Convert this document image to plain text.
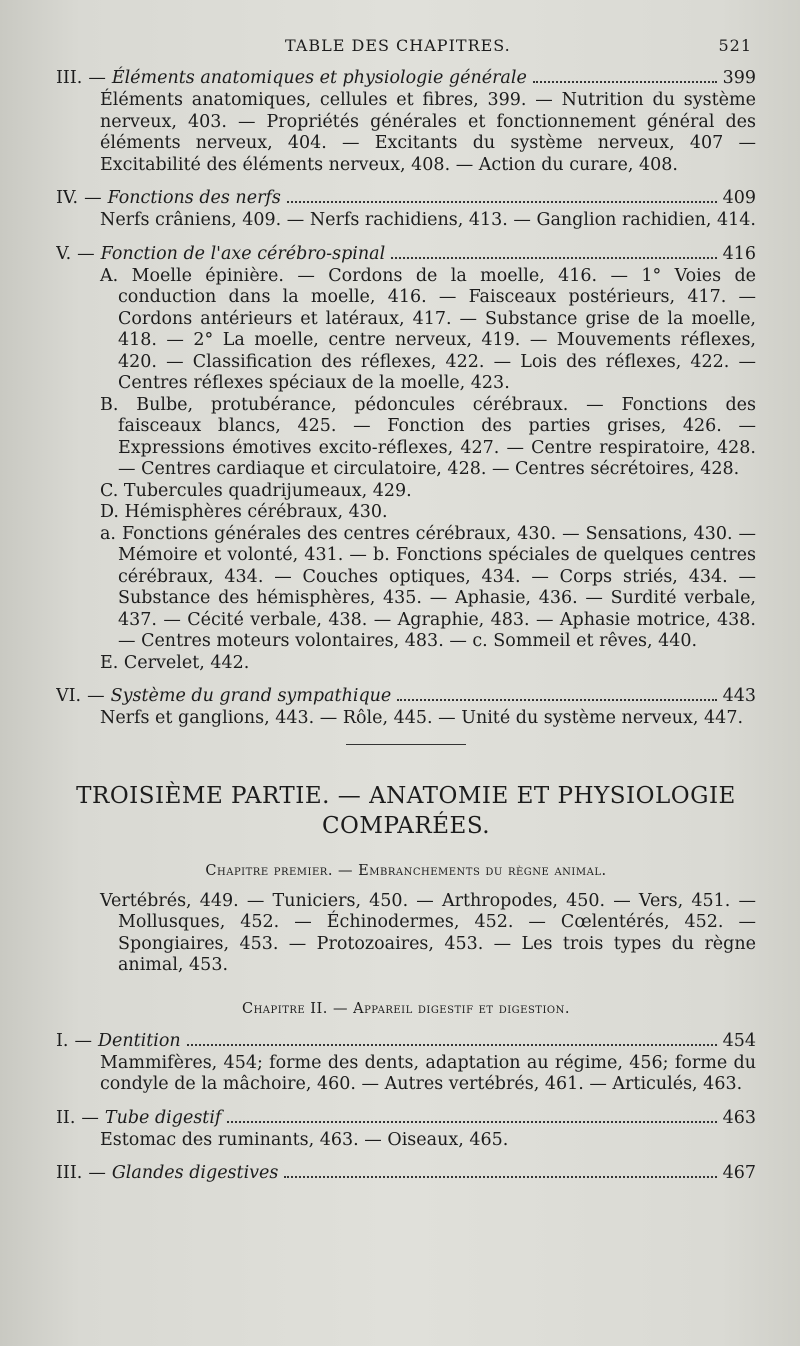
TABLE DES CHAPITRES.	521
III. — Éléments anatomiques et physiologie générale	399

Éléments anatomiques, cellules et fibres, 399. — Nutrition du système nerveux, 403. — Propriétés générales et fonctionnement général des éléments nerveux, 404. — Excitants du système nerveux, 407 — Excitabilité des éléments nerveux, 408. — Action du curare, 408.

IV. — Fonctions des nerfs	409

Nerfs crâniens, 409. — Nerfs rachidiens, 413. — Ganglion rachidien, 414.

V. — Fonction de l'axe cérébro-spinal	416

A. Moelle épinière. — Cordons de la moelle, 416. — 1° Voies de conduction dans la moelle, 416. — Faisceaux postérieurs, 417. — Cordons antérieurs et latéraux, 417. — Substance grise de la moelle, 418. — 2° La moelle, centre nerveux, 419. — Mouvements réflexes, 420. — Classification des réflexes, 422. — Lois des réflexes, 422. — Centres réflexes spéciaux de la moelle, 423.

B. Bulbe, protubérance, pédoncules cérébraux. — Fonctions des faisceaux blancs, 425. — Fonction des parties grises, 426. — Expressions émotives excito-réflexes, 427. — Centre respiratoire, 428. — Centres cardiaque et circulatoire, 428. — Centres sécrétoires, 428.

C. Tubercules quadrijumeaux, 429.

D. Hémisphères cérébraux, 430.

a. Fonctions générales des centres cérébraux, 430. — Sensations, 430. — Mémoire et volonté, 431. — b. Fonctions spéciales de quelques centres cérébraux, 434. — Couches optiques, 434. — Corps striés, 434. — Substance des hémisphères, 435. — Aphasie, 436. — Surdité verbale, 437. — Cécité verbale, 438. — Agraphie, 483. — Aphasie motrice, 438. — Centres moteurs volontaires, 483. — c. Sommeil et rêves, 440.

E. Cervelet, 442.

VI. — Système du grand sympathique	443

Nerfs et ganglions, 443. — Rôle, 445. — Unité du système nerveux, 447.

TROISIÈME PARTIE. — ANATOMIE ET PHYSIOLOGIE
COMPARÉES.
Chapitre premier. — Embranchements du règne animal.

Vertébrés, 449. — Tuniciers, 450. — Arthropodes, 450. — Vers, 451. — Mollusques, 452. — Échinodermes, 452. — Cœlentérés, 452. — Spongiaires, 453. — Protozoaires, 453. — Les trois types du règne animal, 453.

Chapitre II. — Appareil digestif et digestion.
I. — Dentition	454

Mammifères, 454; forme des dents, adaptation au régime, 456; forme du condyle de la mâchoire, 460. — Autres vertébrés, 461. — Articulés, 463.

II. — Tube digestif	463

Estomac des ruminants, 463. — Oiseaux, 465.

III. — Glandes digestives	467
